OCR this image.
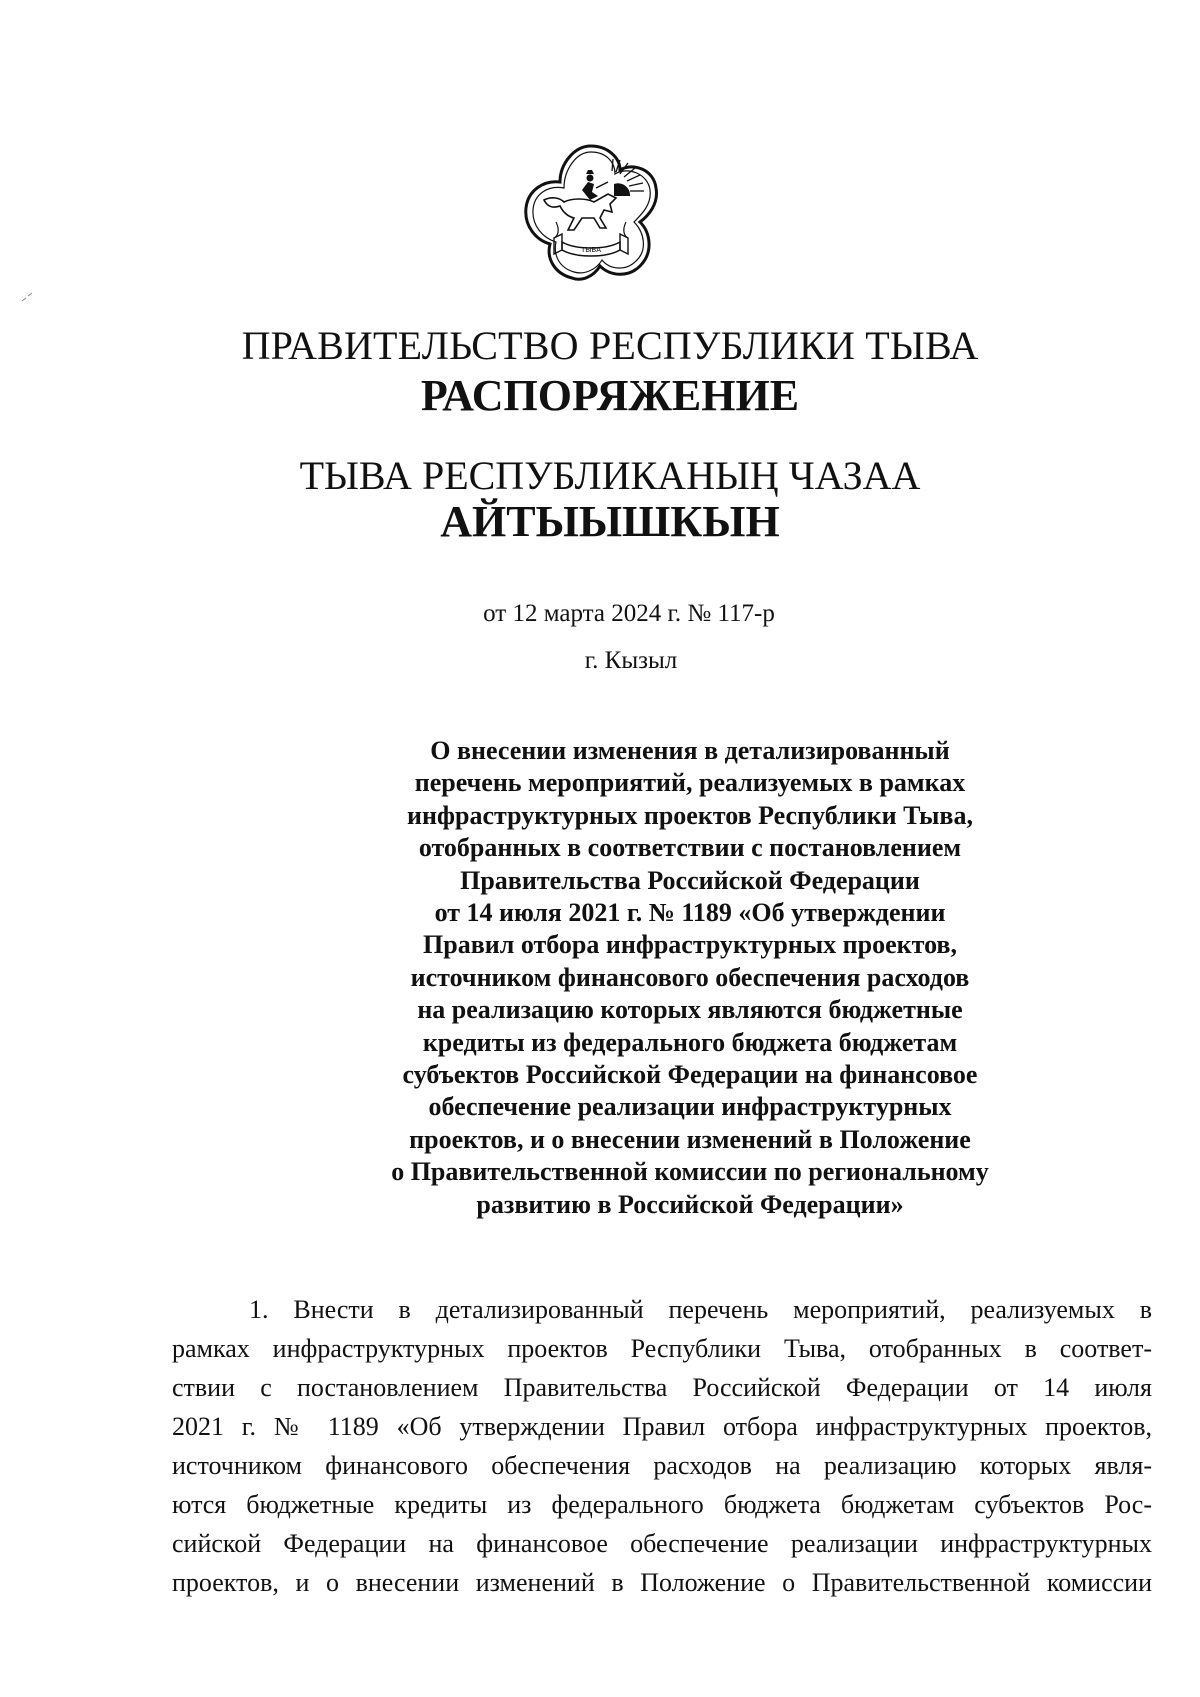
ТЫВА
ПРАВИТЕЛЬСТВО РЕСПУБЛИКИ ТЫВА
РАСПОРЯЖЕНИЕ
ТЫВА РЕСПУБЛИКАНЫҢ ЧАЗАА
АЙТЫЫШКЫН
от 12 марта 2024 г. № 117-р
г. Кызыл
О внесении изменения в детализированный
перечень мероприятий, реализуемых в рамках
инфраструктурных проектов Республики Тыва,
отобранных в соответствии с постановлением
Правительства Российской Федерации
от 14 июля 2021 г. № 1189 «Об утверждении
Правил отбора инфраструктурных проектов,
источником финансового обеспечения расходов
на реализацию которых являются бюджетные
кредиты из федерального бюджета бюджетам
субъектов Российской Федерации на финансовое
обеспечение реализации инфраструктурных
проектов, и о внесении изменений в Положение
о Правительственной комиссии по региональному
развитию в Российской Федерации»
1. Внести в детализированный перечень мероприятий, реализуемых в
рамках инфраструктурных проектов Республики Тыва, отобранных в соответ-
ствии с постановлением Правительства Российской Федерации от 14 июля
2021 г. № 1189 «Об утверждении Правил отбора инфраструктурных проектов,
источником финансового обеспечения расходов на реализацию которых явля-
ются бюджетные кредиты из федерального бюджета бюджетам субъектов Рос-
сийской Федерации на финансовое обеспечение реализации инфраструктурных
проектов, и о внесении изменений в Положение о Правительственной комиссии
